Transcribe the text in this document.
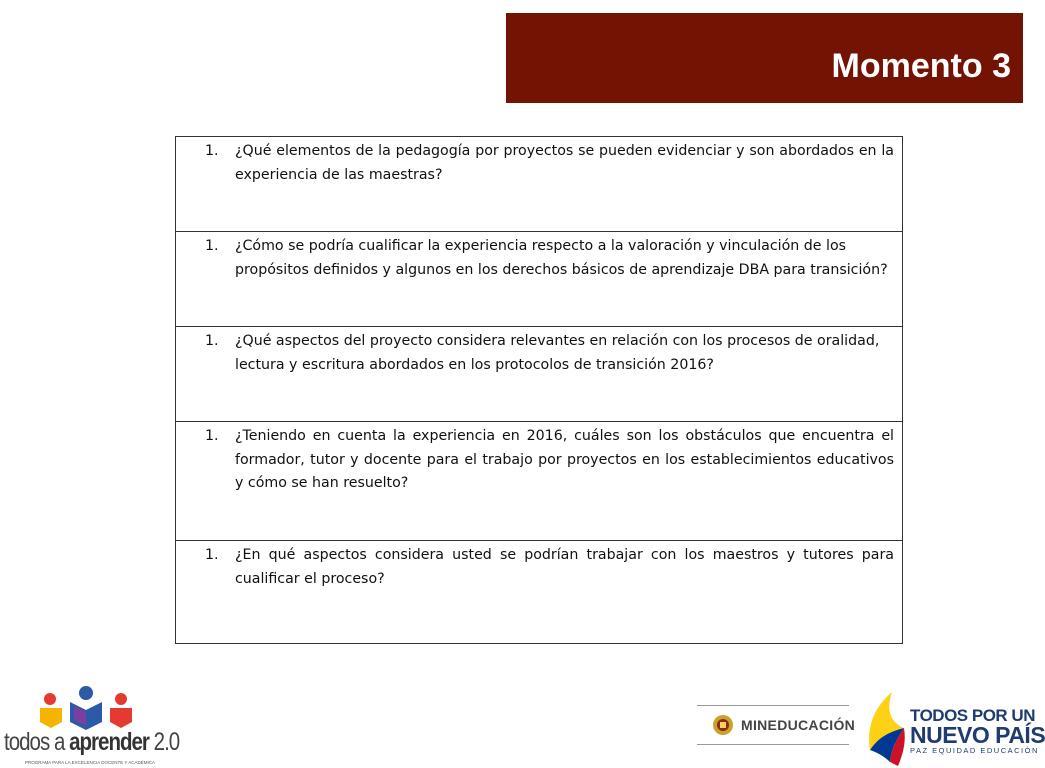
Momento 3
1.	¿Qué elementos de la pedagogía por proyectos se pueden evidenciar y son abordados en la experiencia de las maestras?

1.	¿Cómo se podría cualificar la experiencia respecto a la valoración y vinculación de los propósitos definidos y algunos en los derechos básicos de aprendizaje DBA para transición?

1.	¿Qué aspectos del proyecto considera relevantes en relación con los procesos de oralidad, lectura y escritura abordados en los protocolos de transición 2016?

1.	¿Teniendo en cuenta la experiencia en 2016, cuáles son los obstáculos que encuentra el formador, tutor y docente para el trabajo por proyectos en los establecimientos educativos y cómo se han resuelto?

1.	¿En qué aspectos considera usted se podrían trabajar con los maestros y tutores para cualificar el proceso?
todos a aprender 2.0
PROGRAMA PARA LA EXCELENCIA DOCENTE Y ACADÉMICA
MINEDUCACIÓN	TODOS POR UN
NUEVO PAÍS
PAZ EQUIDAD EDUCACIÓN
